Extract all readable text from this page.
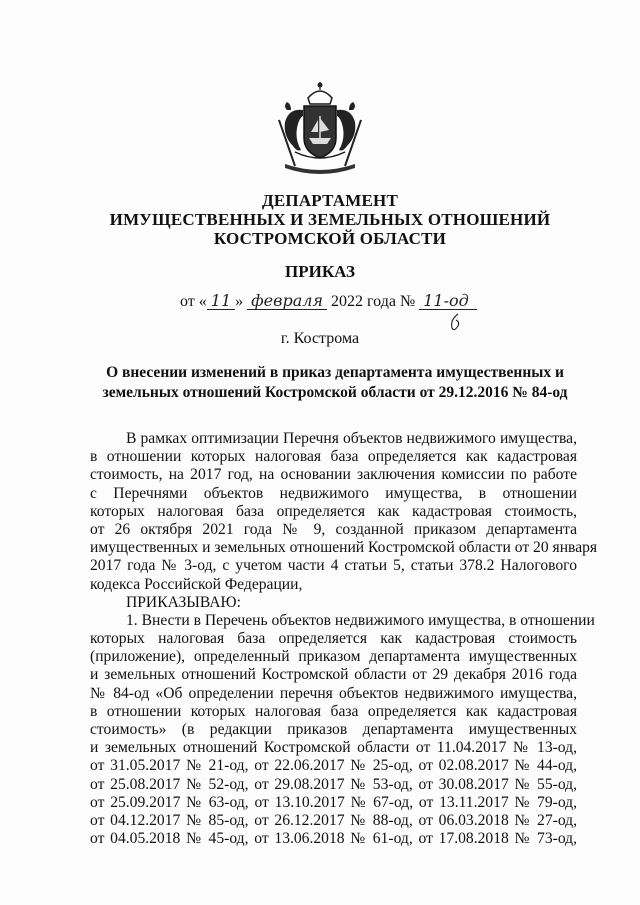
ДЕПАРТАМЕНТ
ИМУЩЕСТВЕННЫХ И ЗЕМЕЛЬНЫХ ОТНОШЕНИЙ
КОСТРОМСКОЙ ОБЛАСТИ
ПРИКАЗ
от « 11 » февраля 2022 года № 11-од
г. Кострома
О внесении изменений в приказ департамента имущественных и
земельных отношений Костромской области от 29.12.2016 № 84-од
В рамках оптимизации Перечня объектов недвижимого имущества,
в отношении которых налоговая база определяется как кадастровая
стоимость, на 2017 год, на основании заключения комиссии по работе
с Перечнями объектов недвижимого имущества, в отношении
которых налоговая база определяется как кадастровая стоимость,
от 26 октября 2021 года № 9, созданной приказом департамента
имущественных и земельных отношений Костромской области от 20 января
2017 года № 3-од, с учетом части 4 статьи 5, статьи 378.2 Налогового
кодекса Российской Федерации,
ПРИКАЗЫВАЮ:
1. Внести в Перечень объектов недвижимого имущества, в отношении
которых налоговая база определяется как кадастровая стоимость
(приложение), определенный приказом департамента имущественных
и земельных отношений Костромской области от 29 декабря 2016 года
№ 84-од «Об определении перечня объектов недвижимого имущества,
в отношении которых налоговая база определяется как кадастровая
стоимость» (в редакции приказов департамента имущественных
и земельных отношений Костромской области от 11.04.2017 № 13-од,
от 31.05.2017 № 21-од, от 22.06.2017 № 25-од, от 02.08.2017 № 44-од,
от 25.08.2017 № 52-од, от 29.08.2017 № 53-од, от 30.08.2017 № 55-од,
от 25.09.2017 № 63-од, от 13.10.2017 № 67-од, от 13.11.2017 № 79-од,
от 04.12.2017 № 85-од, от 26.12.2017 № 88-од, от 06.03.2018 № 27-од,
от 04.05.2018 № 45-од, от 13.06.2018 № 61-од, от 17.08.2018 № 73-од,
